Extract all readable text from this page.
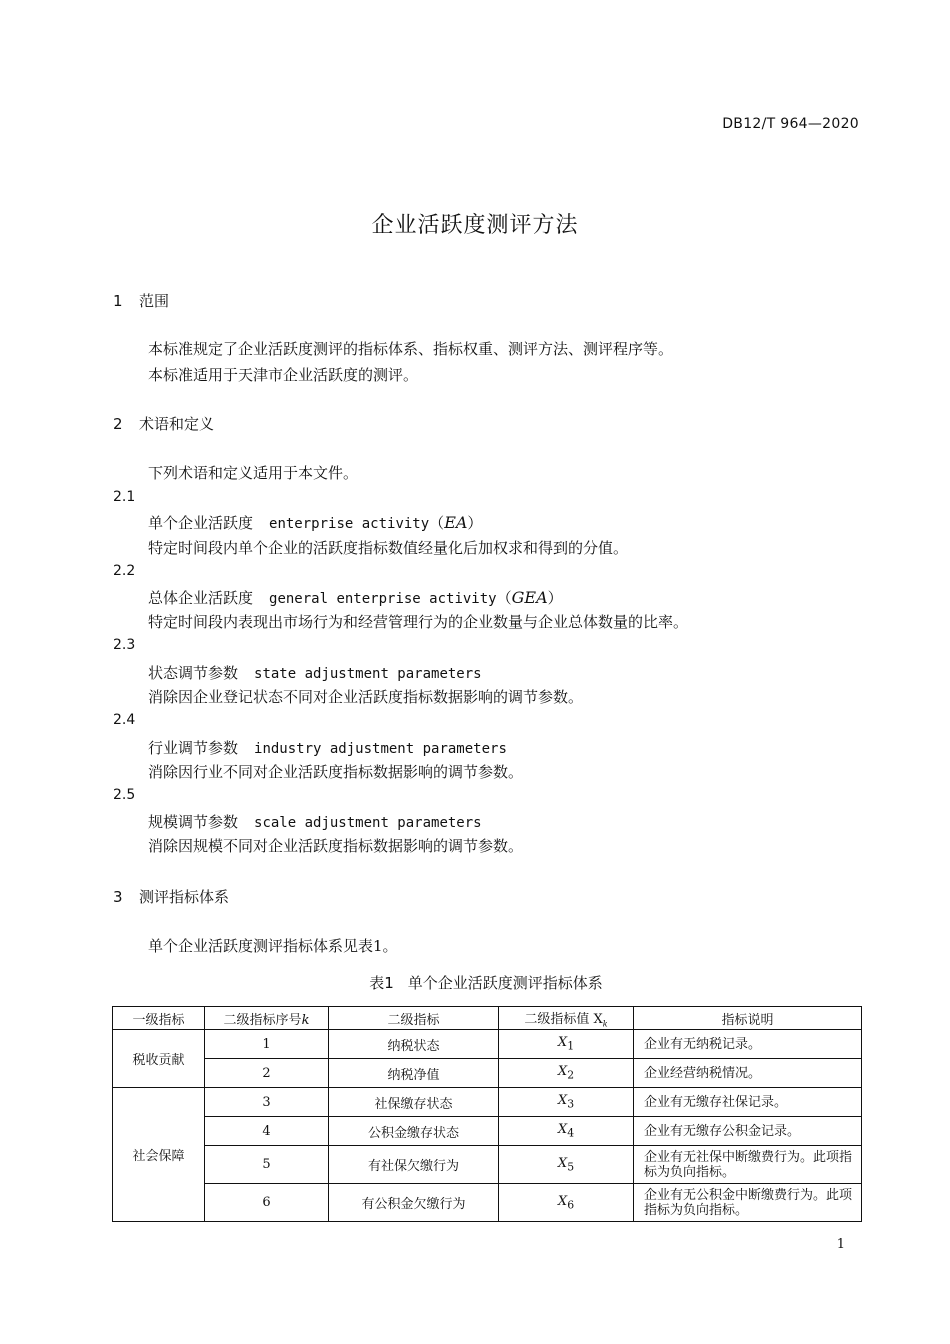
DB12/T 964—2020
企业活跃度测评方法
1 范围
本标准规定了企业活跃度测评的指标体系、指标权重、测评方法、测评程序等。
本标准适用于天津市企业活跃度的测评。
2 术语和定义
下列术语和定义适用于本文件。
2.1
单个企业活跃度 enterprise activity（EA）
特定时间段内单个企业的活跃度指标数值经量化后加权求和得到的分值。
2.2
总体企业活跃度 general enterprise activity（GEA）
特定时间段内表现出市场行为和经营管理行为的企业数量与企业总体数量的比率。
2.3
状态调节参数 state adjustment parameters
消除因企业登记状态不同对企业活跃度指标数据影响的调节参数。
2.4
行业调节参数 industry adjustment parameters
消除因行业不同对企业活跃度指标数据影响的调节参数。
2.5
规模调节参数 scale adjustment parameters
消除因规模不同对企业活跃度指标数据影响的调节参数。
3 测评指标体系
单个企业活跃度测评指标体系见表1。
表1 单个企业活跃度测评指标体系
一级指标	二级指标序号k	二级指标	二级指标值 $X_k$	指标说明
税收贡献	1	纳税状态	$X_1$	企业有无纳税记录。
	2	纳税净值	$X_2$	企业经营纳税情况。
社会保障	3	社保缴存状态	$X_3$	企业有无缴存社保记录。
	4	公积金缴存状态	$X_4$	企业有无缴存公积金记录。
	5	有社保欠缴行为	$X_5$	企业有无社保中断缴费行为。此项指标为负向指标。
	6	有公积金欠缴行为	$X_6$	企业有无公积金中断缴费行为。此项指标为负向指标。
1
